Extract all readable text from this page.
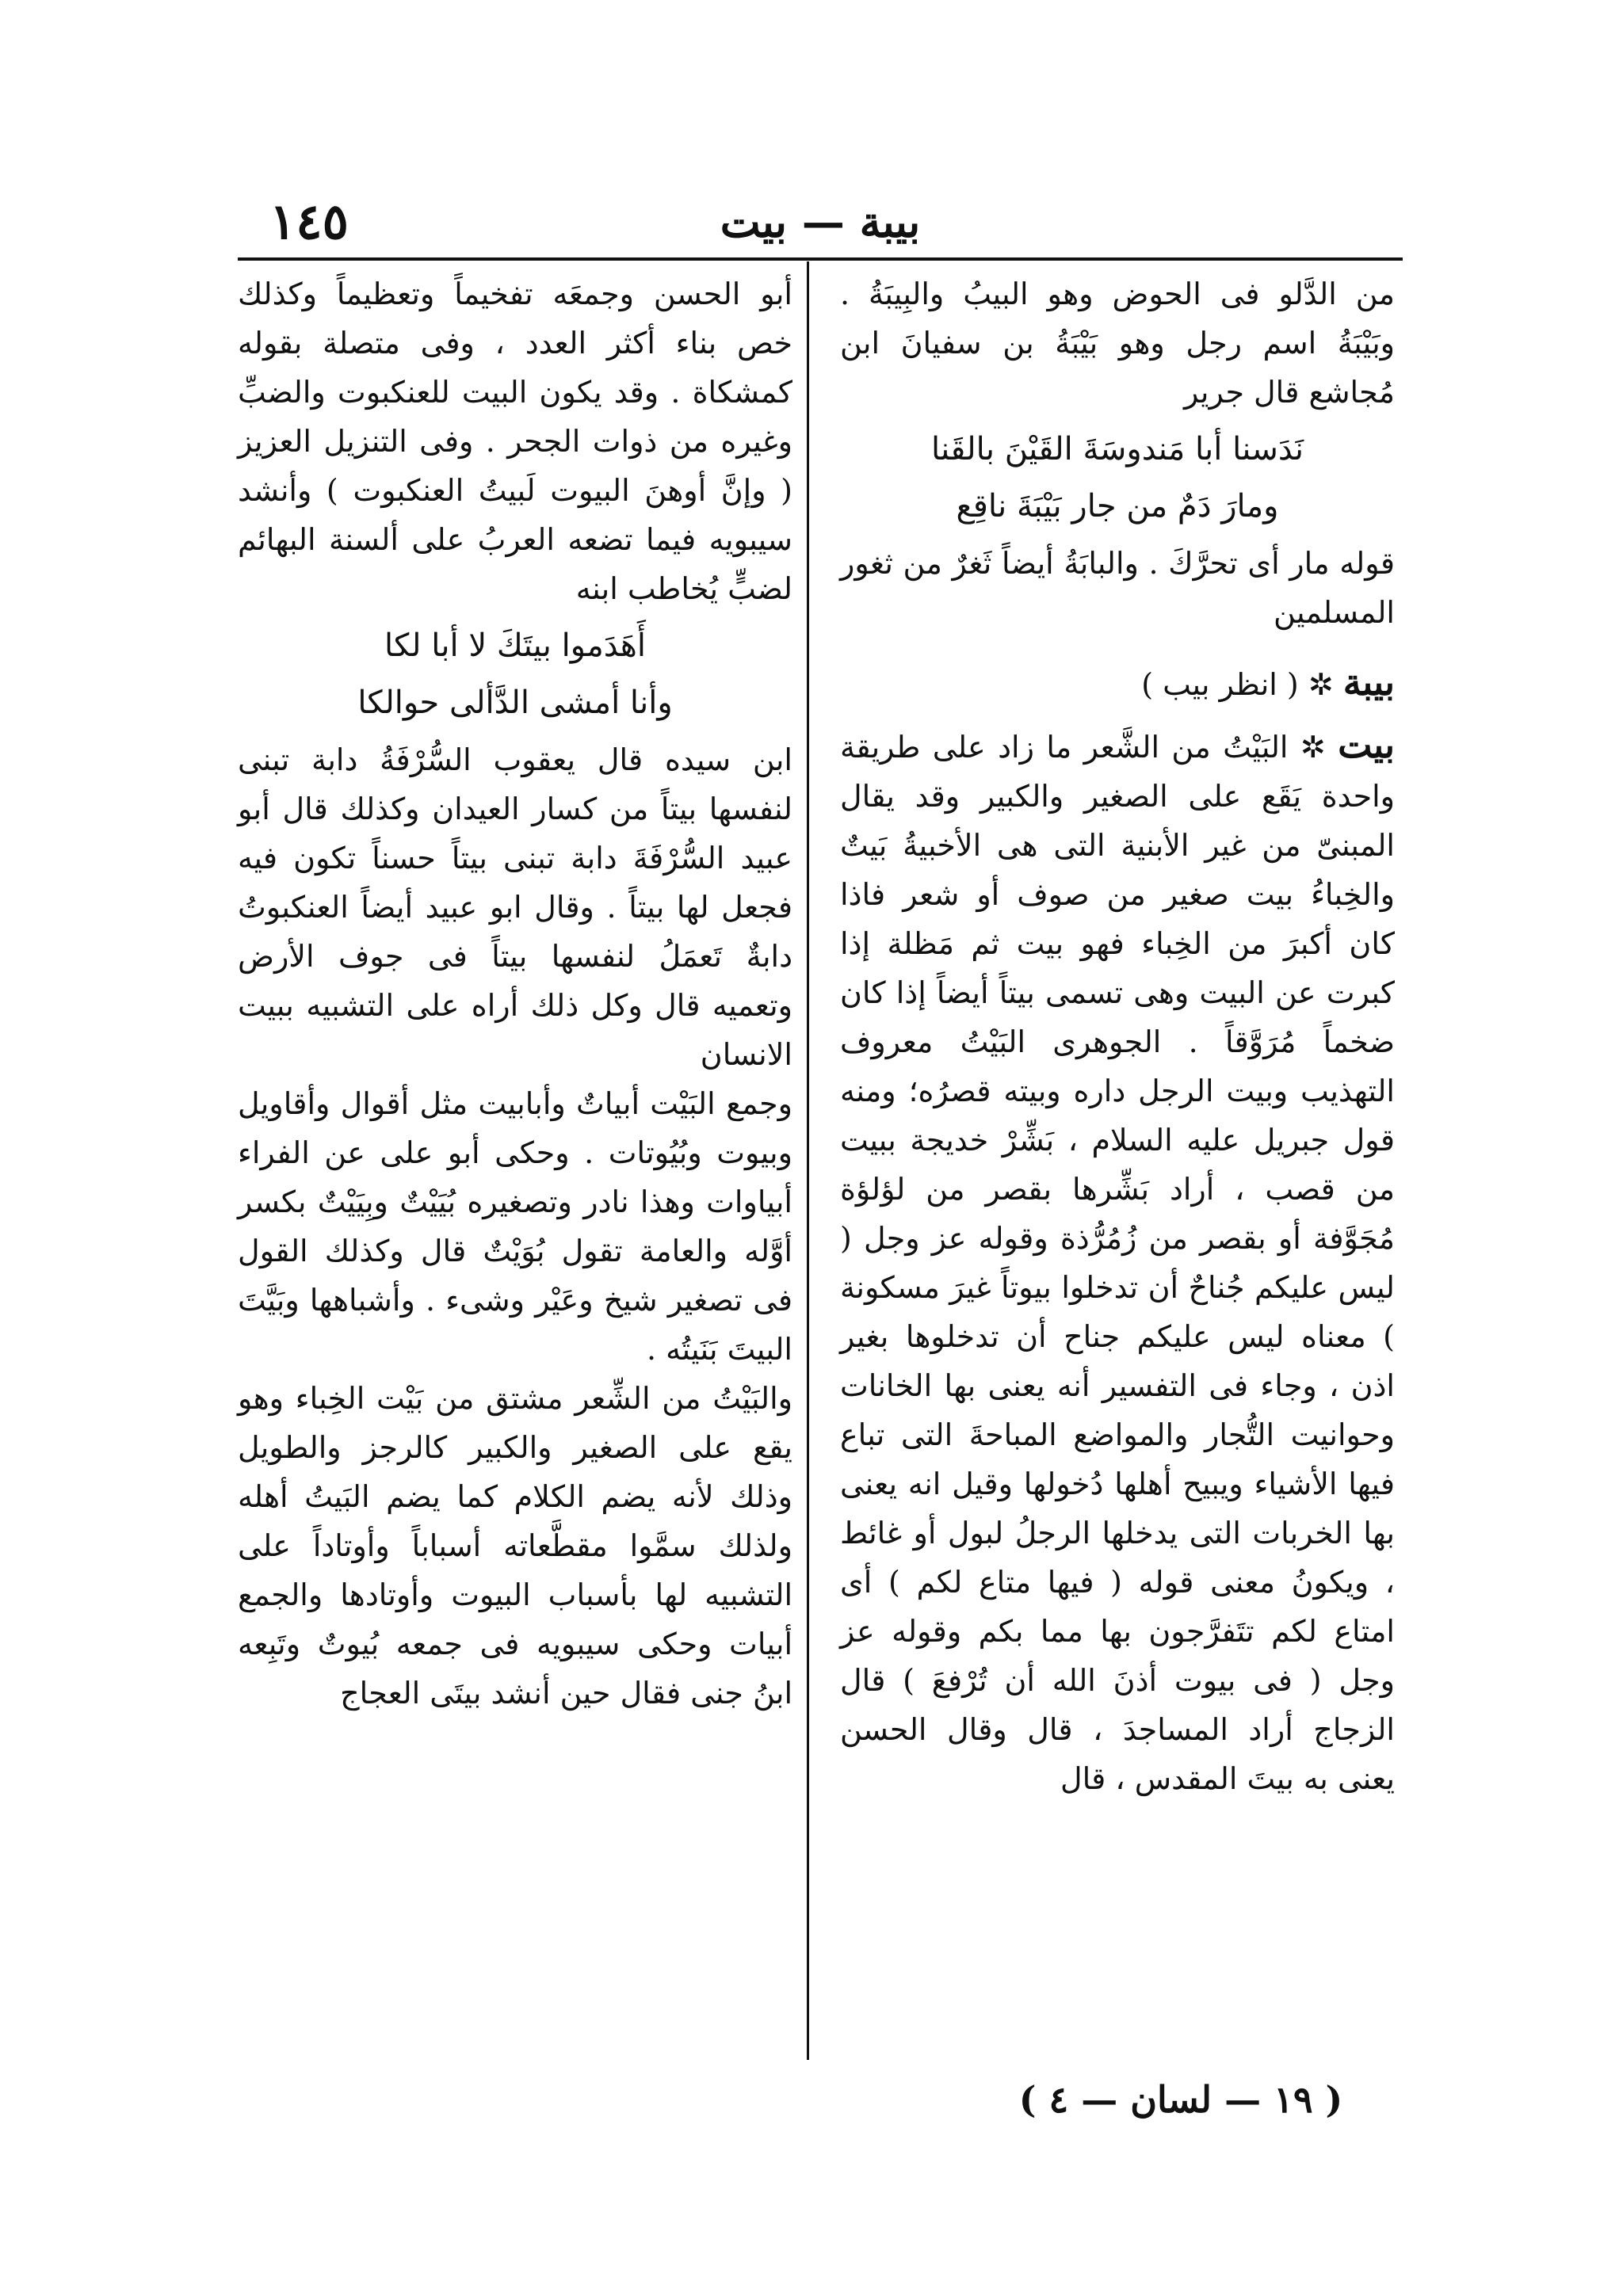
بيبة — بيت
١٤٥

من الدَّلو فى الحوض وهو البيبُ والبِيبَةُ . وبَيْبَةُ اسم رجل وهو بَيْبَةُ بن سفيانَ ابن مُجاشع قال جرير

نَدَسنا أبا مَندوسَةَ القَيْنَ بالقَنا
ومارَ دَمٌ من جار بَيْبَةَ ناقِع

قوله مار أى تحرَّكَ . والبابَةُ أيضاً ثَغرٌ من ثغور المسلمين

بيبة ✲ ( انظر بيب )
بيت ✲ البَيْتُ من الشَّعر ما زاد على طريقة واحدة يَقَع على الصغير والكبير وقد يقال المبنىّ من غير الأبنية التى هى الأخبيةُ بَيتٌ والخِباءُ بيت صغير من صوف أو شعر فاذا كان أكبرَ من الخِباء فهو بيت ثم مَظلة إذا كبرت عن البيت وهى تسمى بيتاً أيضاً إذا كان ضخماً مُرَوَّقاً . الجوهرى البَيْتُ معروف التهذيب وبيت الرجل داره وبيته قصرُه؛ ومنه قول جبريل عليه السلام ، بَشِّرْ خديجة ببيت من قصب ، أراد بَشِّرها بقصر من لؤلؤة مُجَوَّفة أو بقصر من زُمُرُّذة وقوله عز وجل ( ليس عليكم جُناحٌ أن تدخلوا بيوتاً غيرَ مسكونة ) معناه ليس عليكم جناح أن تدخلوها بغير اذن ، وجاء فى التفسير أنه يعنى بها الخانات وحوانيت التُّجار والمواضع المباحةَ التى تباع فيها الأشياء ويبيح أهلها دُخولها وقيل انه يعنى بها الخربات التى يدخلها الرجلُ لبول أو غائط ، ويكونُ معنى قوله ( فيها متاع لكم ) أى امتاع لكم تتَفرَّجون بها مما بكم وقوله عز وجل ( فى بيوت أذنَ الله أن تُرْفعَ ) قال الزجاج أراد المساجدَ ، قال وقال الحسن يعنى به بيتَ المقدس ، قال

أبو الحسن وجمعَه تفخيماً وتعظيماً وكذلك خص بناء أكثر العدد ، وفى متصلة بقوله كمشكاة . وقد يكون البيت للعنكبوت والضبِّ وغيره من ذوات الجحر . وفى التنزيل العزيز ( وإنَّ أوهنَ البيوت لَبيتُ العنكبوت ) وأنشد سيبويه فيما تضعه العربُ على ألسنة البهائم لضبٍّ يُخاطب ابنه

أَهَدَموا بيتَكَ لا أبا لكا
وأنا أمشى الدَّألى حوالكا

ابن سيده قال يعقوب السُّرْفَةُ دابة تبنى لنفسها بيتاً من كسار العيدان وكذلك قال أبو عبيد السُّرْفَةَ دابة تبنى بيتاً حسناً تكون فيه فجعل لها بيتاً . وقال ابو عبيد أيضاً العنكبوتُ دابةٌ تَعمَلُ لنفسها بيتاً فى جوف الأرض وتعميه قال وكل ذلك أراه على التشبيه ببيت الانسان

وجمع البَيْت أبياتٌ وأبابيت مثل أقوال وأقاويل وبيوت وبُيُوتات . وحكى أبو على عن الفراء أبياوات وهذا نادر وتصغيره بُيَيْتٌ وبِيَيْتٌ بكسر أوَّله والعامة تقول بُوَيْتٌ قال وكذلك القول فى تصغير شيخ وعَيْر وشىء . وأشباهها وبَيَّتَ البيتَ بَنَيتُه .

والبَيْتُ من الشِّعر مشتق من بَيْت الخِباء وهو يقع على الصغير والكبير كالرجز والطويل وذلك لأنه يضم الكلام كما يضم البَيتُ أهله ولذلك سمَّوا مقطَّعاته أسباباً وأوتاداً على التشبيه لها بأسباب البيوت وأوتادها والجمع أبيات وحكى سيبويه فى جمعه بُيوتٌ وتَبِعه ابنُ جنى فقال حين أنشد بيتَى العجاج

( ١٩ — لسان — ٤ )
